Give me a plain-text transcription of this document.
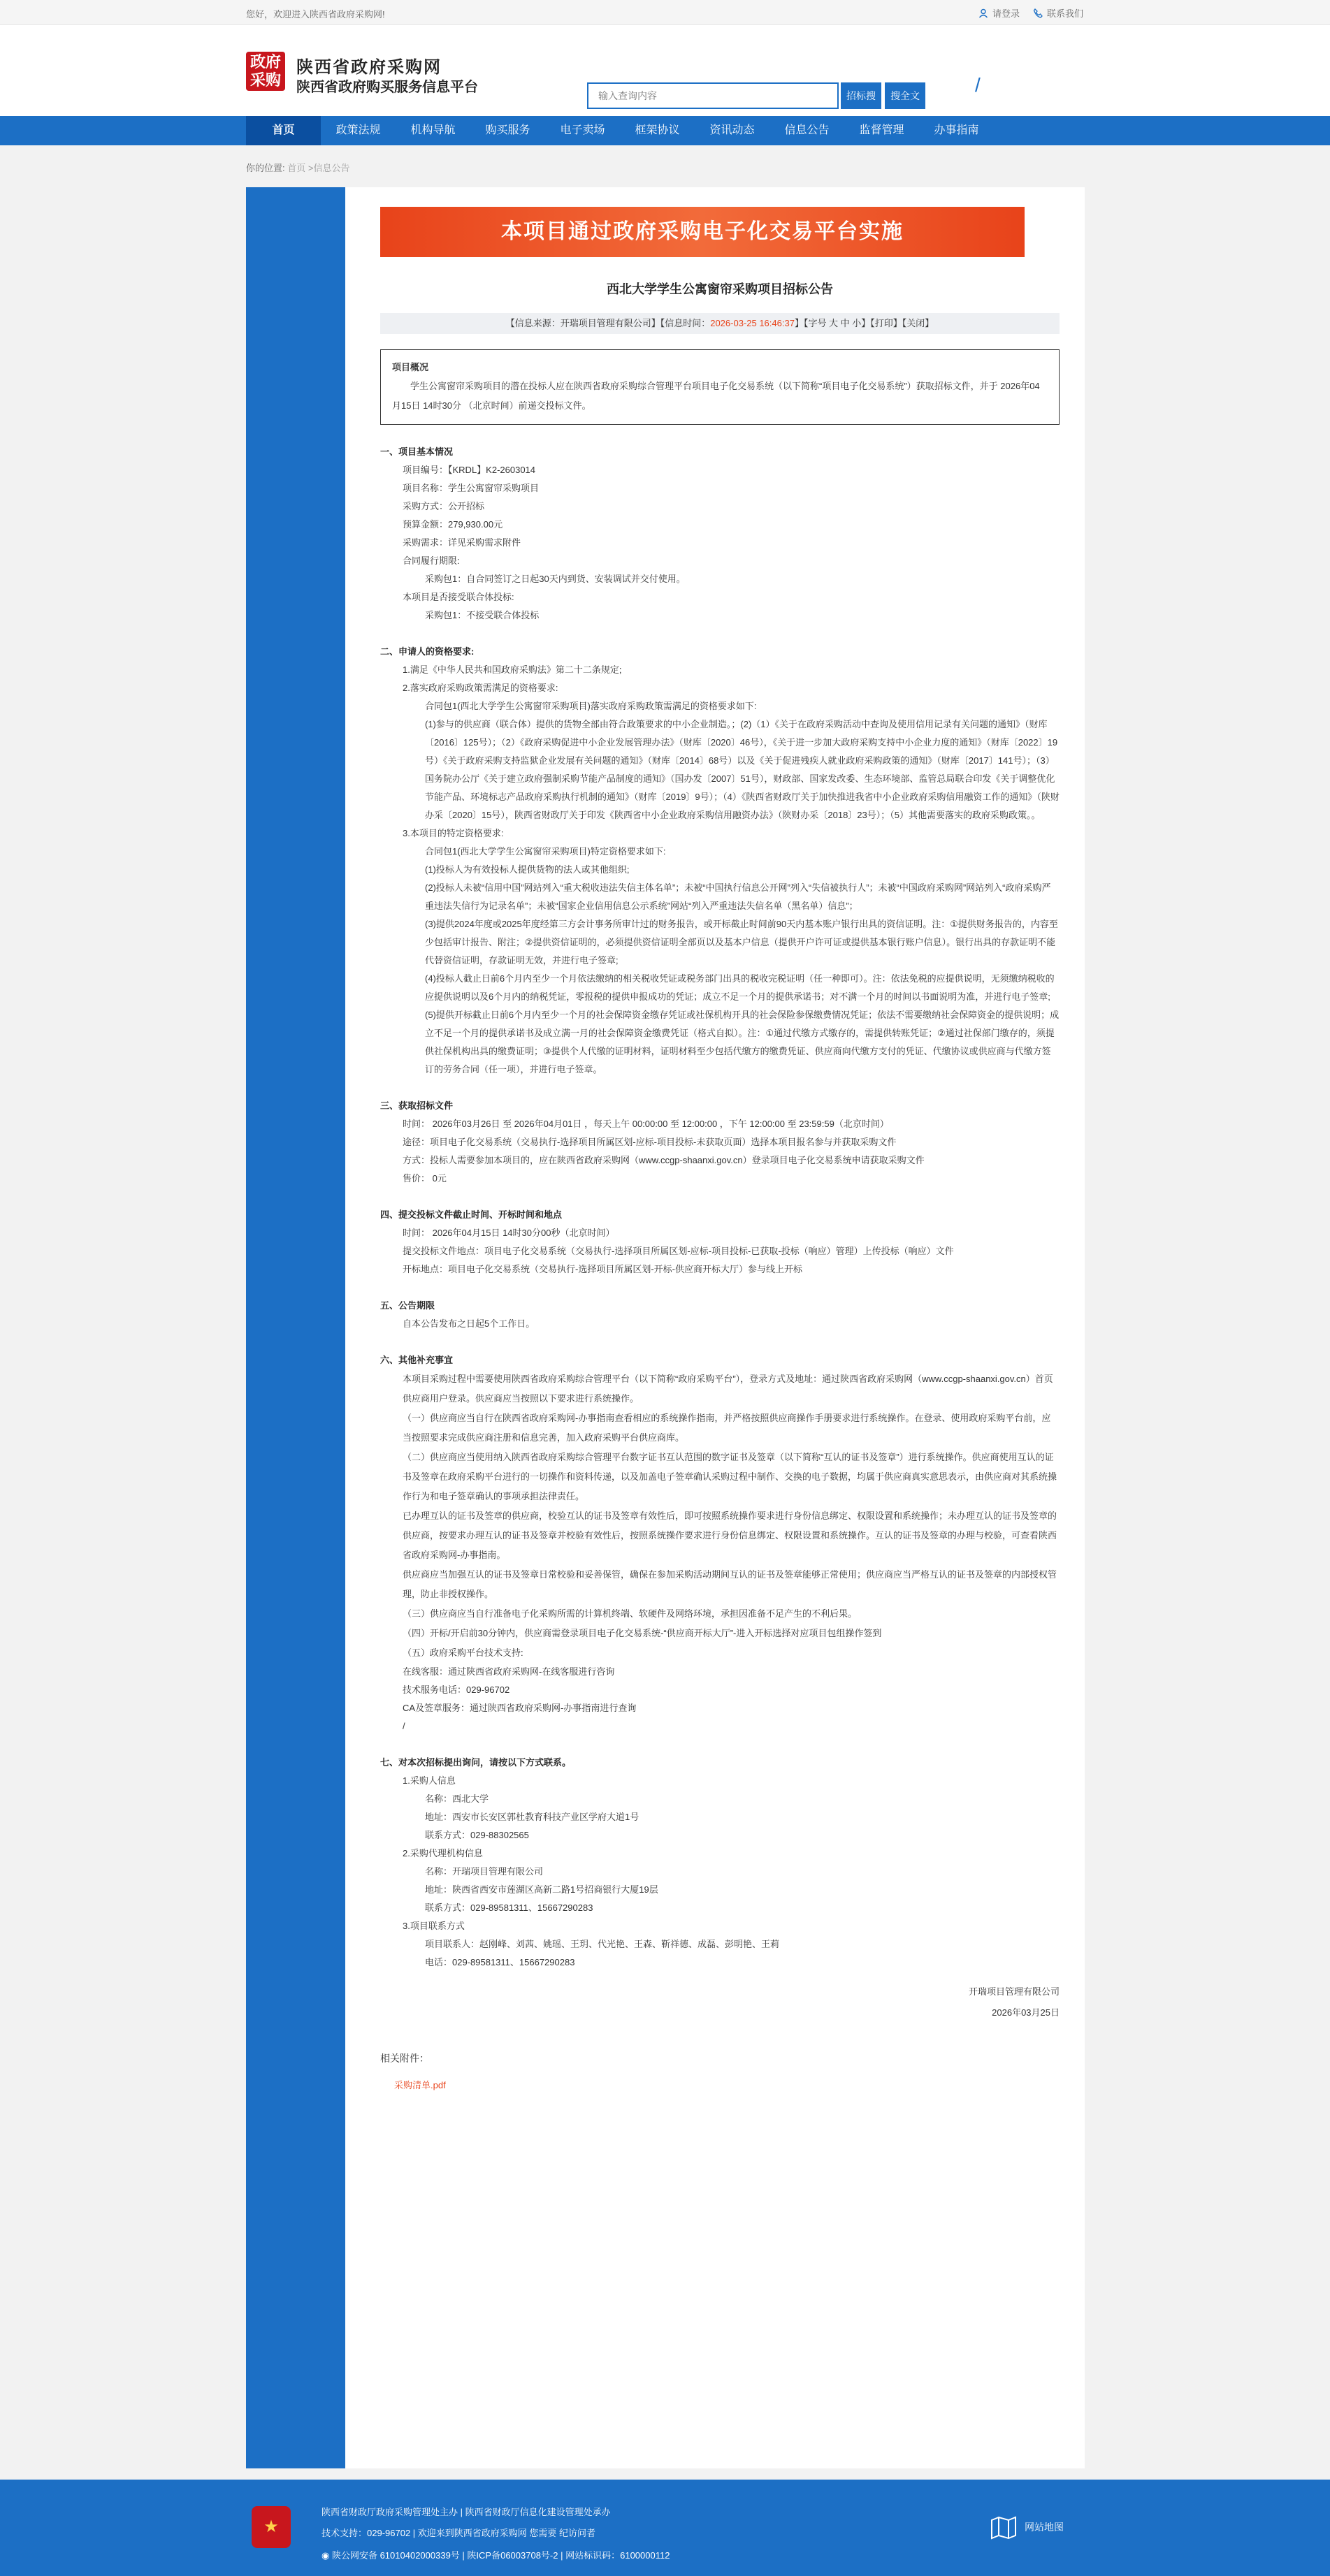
您好，欢迎进入陕西省政府采购网!	请登录	联系我们
政府
采购
陕西省政府采购网
陕西省政府购买服务信息平台
输入查询内容
招标搜	搜全文	/
首页	政策法规	机构导航	购买服务	电子卖场	框架协议	资讯动态	信息公告	监督管理	办事指南
你的位置: 首页 >信息公告
本项目通过政府采购电子化交易平台实施
西北大学学生公寓窗帘采购项目招标公告
【信息来源：开瑞项目管理有限公司】【信息时间：2026-03-25 16:46:37】【字号 大 中 小】【打印】【关闭】
项目概况
学生公寓窗帘采购项目的潜在投标人应在陕西省政府采购综合管理平台项目电子化交易系统（以下简称“项目电子化交易系统”）获取招标文件，并于 2026年04月15日 14时30分 （北京时间）前递交投标文件。
一、项目基本情况
项目编号：【KRDL】K2-2603014
项目名称：学生公寓窗帘采购项目
采购方式：公开招标
预算金额：279,930.00元
采购需求：详见采购需求附件
合同履行期限:
采购包1：自合同签订之日起30天内到货、安装调试并交付使用。
本项目是否接受联合体投标:
采购包1：不接受联合体投标
二、申请人的资格要求:
1.满足《中华人民共和国政府采购法》第二十二条规定;
2.落实政府采购政策需满足的资格要求:
合同包1(西北大学学生公寓窗帘采购项目)落实政府采购政策需满足的资格要求如下:
(1)参与的供应商（联合体）提供的货物全部由符合政策要求的中小企业制造。；(2)（1）《关于在政府采购活动中查询及使用信用记录有关问题的通知》（财库〔2016〕125号）；（2）《政府采购促进中小企业发展管理办法》（财库〔2020〕46号），《关于进一步加大政府采购支持中小企业力度的通知》（财库〔2022〕19 号）《关于政府采购支持监狱企业发展有关问题的通知》（财库〔2014〕68号）以及《关于促进残疾人就业政府采购政策的通知》（财库〔2017〕141号）；（3）国务院办公厅《关于建立政府强制采购节能产品制度的通知》（国办发〔2007〕51号），财政部、国家发改委、生态环境部、监管总局联合印发《关于调整优化节能产品、环境标志产品政府采购执行机制的通知》（财库〔2019〕9号）；（4）《陕西省财政厅关于加快推进我省中小企业政府采购信用融资工作的通知》（陕财办采〔2020〕15号），陕西省财政厅关于印发《陕西省中小企业政府采购信用融资办法》（陕财办采〔2018〕23号）；（5）其他需要落实的政府采购政策。。
3.本项目的特定资格要求:
合同包1(西北大学学生公寓窗帘采购项目)特定资格要求如下:
(1)投标人为有效投标人提供货物的法人或其他组织;
(2)投标人未被“信用中国”网站列入“重大税收违法失信主体名单”；未被“中国执行信息公开网”列入“失信被执行人”；未被“中国政府采购网”网站列入“政府采购严重违法失信行为记录名单”；未被“国家企业信用信息公示系统”网站“列入严重违法失信名单（黑名单）信息”；
(3)提供2024年度或2025年度经第三方会计事务所审计过的财务报告，或开标截止时间前90天内基本账户银行出具的资信证明。注：①提供财务报告的，内容至少包括审计报告、附注；②提供资信证明的，必须提供资信证明全部页以及基本户信息（提供开户许可证或提供基本银行账户信息）。银行出具的存款证明不能代替资信证明，存款证明无效，并进行电子签章;
(4)投标人截止日前6个月内至少一个月依法缴纳的相关税收凭证或税务部门出具的税收完税证明（任一种即可）。注：依法免税的应提供说明，无须缴纳税收的应提供说明以及6个月内的纳税凭证，零报税的提供申报成功的凭证；成立不足一个月的提供承诺书；对不满一个月的时间以书面说明为准，并进行电子签章;
(5)提供开标截止日前6个月内至少一个月的社会保障资金缴存凭证或社保机构开具的社会保险参保缴费情况凭证；依法不需要缴纳社会保障资金的提供说明；成立不足一个月的提供承诺书及成立满一月的社会保障资金缴费凭证（格式自拟）。注：①通过代缴方式缴存的，需提供转账凭证；②通过社保部门缴存的，须提供社保机构出具的缴费证明；③提供个人代缴的证明材料，证明材料至少包括代缴方的缴费凭证、供应商向代缴方支付的凭证、代缴协议或供应商与代缴方签订的劳务合同（任一项），并进行电子签章。
三、获取招标文件
时间： 2026年03月26日 至 2026年04月01日 ，每天上午 00:00:00 至 12:00:00 ，下午 12:00:00 至 23:59:59（北京时间）
途径：项目电子化交易系统（交易执行-选择项目所属区划-应标-项目投标-未获取页面）选择本项目报名参与并获取采购文件
方式：投标人需要参加本项目的，应在陕西省政府采购网（www.ccgp-shaanxi.gov.cn）登录项目电子化交易系统申请获取采购文件
售价： 0元
四、提交投标文件截止时间、开标时间和地点
时间： 2026年04月15日 14时30分00秒（北京时间）
提交投标文件地点：项目电子化交易系统（交易执行-选择项目所属区划-应标-项目投标-已获取-投标（响应）管理）上传投标（响应）文件
开标地点：项目电子化交易系统（交易执行-选择项目所属区划-开标-供应商开标大厅）参与线上开标
五、公告期限
自本公告发布之日起5个工作日。
六、其他补充事宜
本项目采购过程中需要使用陕西省政府采购综合管理平台（以下简称“政府采购平台”），登录方式及地址：通过陕西省政府采购网（www.ccgp-shaanxi.gov.cn）首页供应商用户登录。供应商应当按照以下要求进行系统操作。
（一）供应商应当自行在陕西省政府采购网-办事指南查看相应的系统操作指南，并严格按照供应商操作手册要求进行系统操作。在登录、使用政府采购平台前，应当按照要求完成供应商注册和信息完善，加入政府采购平台供应商库。
（二）供应商应当使用纳入陕西省政府采购综合管理平台数字证书互认范围的数字证书及签章（以下简称“互认的证书及签章”）进行系统操作。供应商使用互认的证书及签章在政府采购平台进行的一切操作和资料传递，以及加盖电子签章确认采购过程中制作、交换的电子数据，均属于供应商真实意思表示，由供应商对其系统操作行为和电子签章确认的事项承担法律责任。
已办理互认的证书及签章的供应商，校验互认的证书及签章有效性后，即可按照系统操作要求进行身份信息绑定、权限设置和系统操作；未办理互认的证书及签章的供应商，按要求办理互认的证书及签章并校验有效性后，按照系统操作要求进行身份信息绑定、权限设置和系统操作。互认的证书及签章的办理与校验，可查看陕西省政府采购网-办事指南。
供应商应当加强互认的证书及签章日常校验和妥善保管，确保在参加采购活动期间互认的证书及签章能够正常使用；供应商应当严格互认的证书及签章的内部授权管理，防止非授权操作。
（三）供应商应当自行准备电子化采购所需的计算机终端、软硬件及网络环境，承担因准备不足产生的不利后果。
（四）开标/开启前30分钟内，供应商需登录项目电子化交易系统-“供应商开标大厅”-进入开标选择对应项目包组操作签到
（五）政府采购平台技术支持:
在线客服：通过陕西省政府采购网-在线客服进行咨询
技术服务电话：029-96702
CA及签章服务：通过陕西省政府采购网-办事指南进行查询
/
七、对本次招标提出询问，请按以下方式联系。
1.采购人信息
名称：西北大学
地址：西安市长安区郭杜教育科技产业区学府大道1号
联系方式：029-88302565
2.采购代理机构信息
名称：开瑞项目管理有限公司
地址：陕西省西安市莲湖区高新二路1号招商银行大厦19层
联系方式：029-89581311、15667290283
3.项目联系方式
项目联系人：赵刚峰、刘茜、姚瑶、王玥、代光艳、王森、靳祥德、成磊、彭明艳、王莉
电话：029-89581311、15667290283
开瑞项目管理有限公司
2026年03月25日
相关附件：
采购清单.pdf
★
陕西省财政厅政府采购管理处主办 | 陕西省财政厅信息化建设管理处承办
技术支持：029-96702 | 欢迎来到陕西省政府采购网 您需要 纪访问者
◉ 陕公网安备 61010402000339号 | 陕ICP备06003708号-2 | 网站标识码：6100000112
网站地图
